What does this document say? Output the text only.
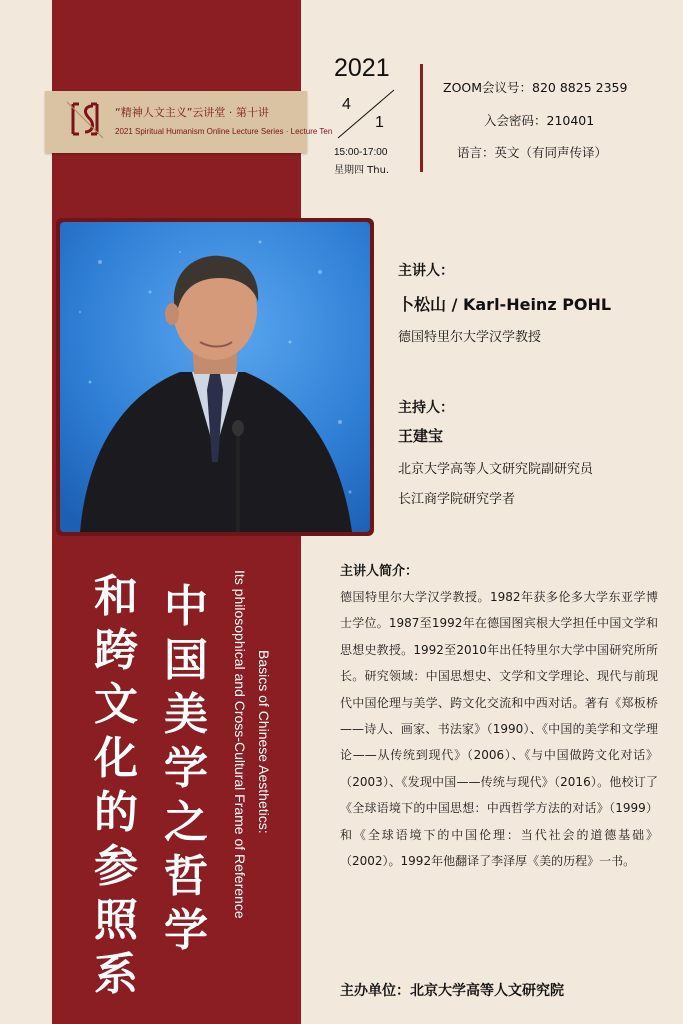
“精神人文主义”云讲堂 · 第十讲
2021 Spiritual Humanism Online Lecture Series · Lecture Ten
2021
4
1
15:00-17:00
星期四 Thu.
ZOOM会议号：820 8825 2359
入会密码：210401
语言：英文（有同声传译）
主讲人：
卜松山 / Karl-Heinz POHL
德国特里尔大学汉学教授
主持人：
王建宝
北京大学高等人文研究院副研究员
长江商学院研究学者
中国美学之哲学
和跨文化的参照系
Basics of Chinese Aesthetics:
Its philosophical and Cross-Cultural Frame of Reference	主讲人简介：
德国特里尔大学汉学教授。1982年获多伦多大学东亚学博士学位。1987至1992年在德国图宾根大学担任中国文学和思想史教授。1992至2010年出任特里尔大学中国研究所所长。研究领域：中国思想史、文学和文学理论、现代与前现代中国伦理与美学、跨文化交流和中西对话。著有《郑板桥——诗人、画家、书法家》（1990）、《中国的美学和文学理论——从传统到现代》（2006）、《与中国做跨文化对话》（2003）、《发现中国——传统与现代》（2016）。他校订了《全球语境下的中国思想：中西哲学方法的对话》（1999）和《全球语境下的中国伦理：当代社会的道德基础》（2002）。1992年他翻译了李泽厚《美的历程》一书。
主办单位：北京大学高等人文研究院
